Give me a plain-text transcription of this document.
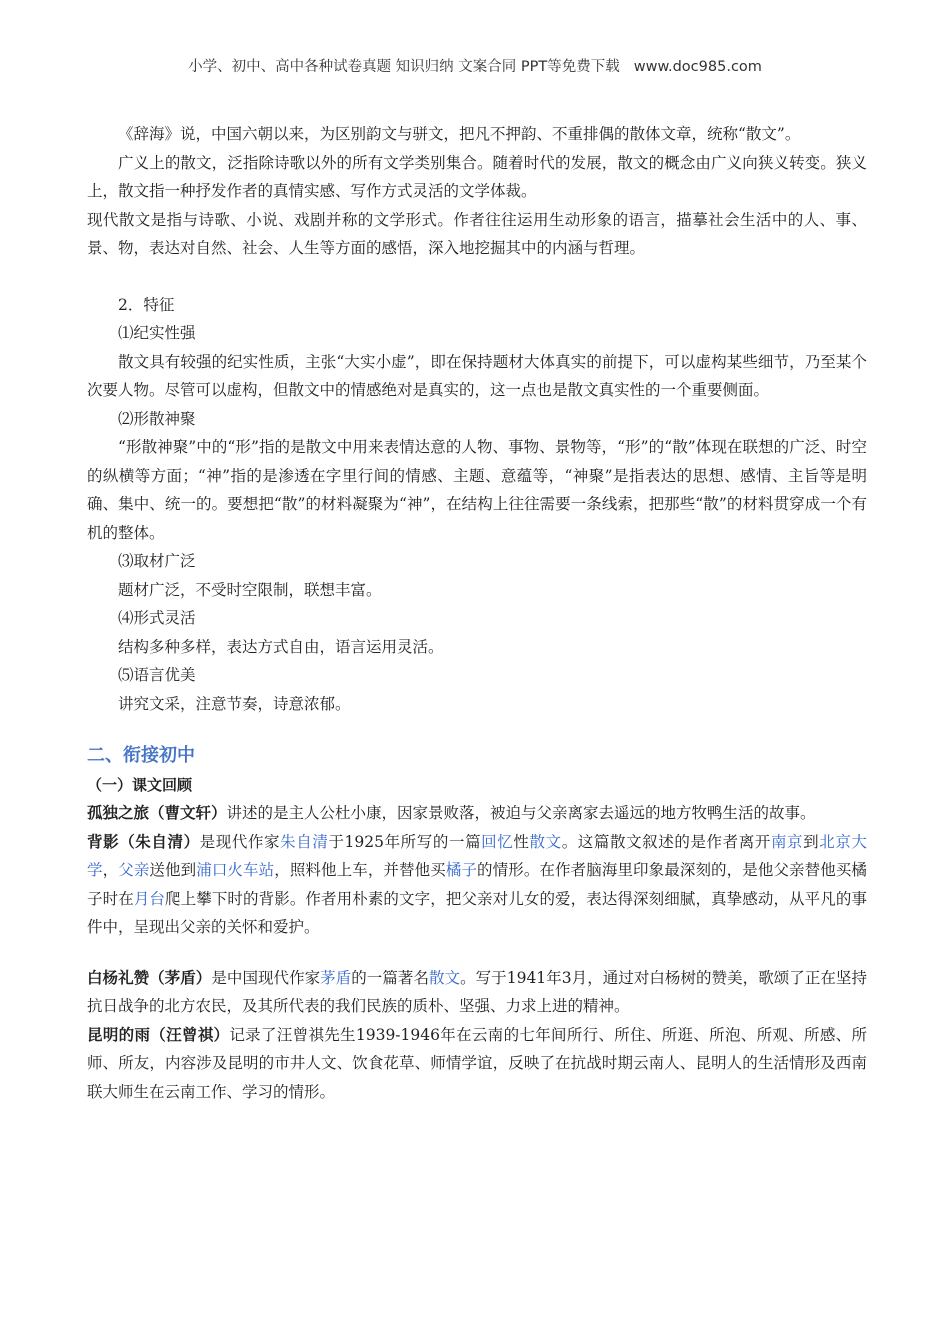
小学、初中、高中各种试卷真题 知识归纳 文案合同 PPT等免费下载 www.doc985.com

《辞海》说，中国六朝以来，为区别韵文与骈文，把凡不押韵、不重排偶的散体文章，统称“散文”。

广义上的散文，泛指除诗歌以外的所有文学类别集合。随着时代的发展，散文的概念由广义向狭义转变。狭义上，散文指一种抒发作者的真情实感、写作方式灵活的文学体裁。

现代散文是指与诗歌、小说、戏剧并称的文学形式。作者往往运用生动形象的语言，描摹社会生活中的人、事、景、物，表达对自然、社会、人生等方面的感悟，深入地挖掘其中的内涵与哲理。

2．特征

⑴纪实性强

散文具有较强的纪实性质，主张“大实小虚”，即在保持题材大体真实的前提下，可以虚构某些细节，乃至某个次要人物。尽管可以虚构，但散文中的情感绝对是真实的，这一点也是散文真实性的一个重要侧面。

⑵形散神聚

“形散神聚”中的“形”指的是散文中用来表情达意的人物、事物、景物等，“形”的“散”体现在联想的广泛、时空的纵横等方面；“神”指的是渗透在字里行间的情感、主题、意蕴等，“神聚”是指表达的思想、感情、主旨等是明确、集中、统一的。要想把“散”的材料凝聚为“神”，在结构上往往需要一条线索，把那些“散”的材料贯穿成一个有机的整体。

⑶取材广泛

题材广泛，不受时空限制，联想丰富。

⑷形式灵活

结构多种多样，表达方式自由，语言运用灵活。

⑸语言优美

讲究文采，注意节奏，诗意浓郁。

二、衔接初中

（一）课文回顾

孤独之旅（曹文轩）讲述的是主人公杜小康，因家景败落，被迫与父亲离家去遥远的地方牧鸭生活的故事。

背影（朱自清）是现代作家朱自清于1925年所写的一篇回忆性散文。这篇散文叙述的是作者离开南京到北京大学，父亲送他到浦口火车站，照料他上车，并替他买橘子的情形。在作者脑海里印象最深刻的，是他父亲替他买橘子时在月台爬上攀下时的背影。作者用朴素的文字，把父亲对儿女的爱，表达得深刻细腻，真挚感动，从平凡的事件中，呈现出父亲的关怀和爱护。

白杨礼赞（茅盾）是中国现代作家茅盾的一篇著名散文。写于1941年3月，通过对白杨树的赞美，歌颂了正在坚持抗日战争的北方农民，及其所代表的我们民族的质朴、坚强、力求上进的精神。

昆明的雨（汪曾祺）记录了汪曾祺先生1939-1946年在云南的七年间所行、所住、所逛、所泡、所观、所感、所师、所友，内容涉及昆明的市井人文、饮食花草、师情学谊，反映了在抗战时期云南人、昆明人的生活情形及西南联大师生在云南工作、学习的情形。
